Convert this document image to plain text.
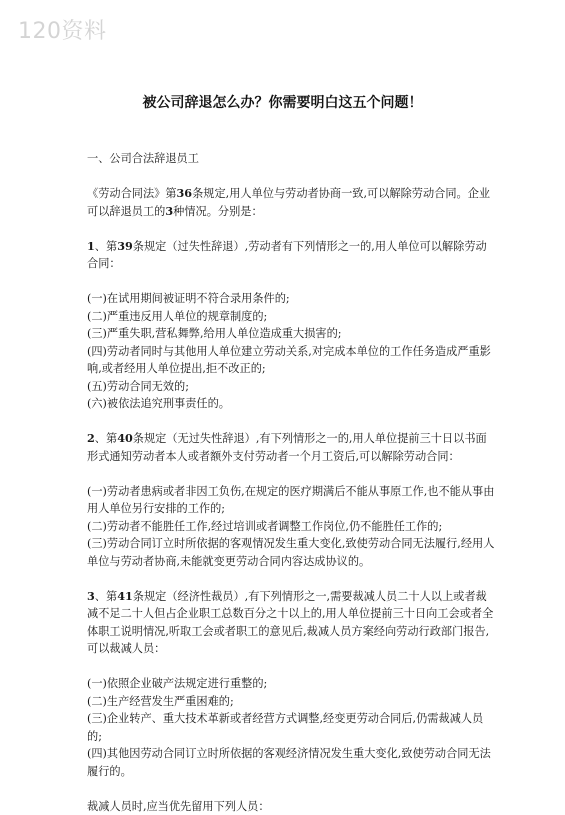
120资料
被公司辞退怎么办？你需要明白这五个问题！

一、公司合法辞退员工

《劳动合同法》第36条规定,用人单位与劳动者协商一致,可以解除劳动合同。企业可以辞退员工的3种情况。分别是：

1、第39条规定（过失性辞退）,劳动者有下列情形之一的,用人单位可以解除劳动合同：

(一)在试用期间被证明不符合录用条件的;

(二)严重违反用人单位的规章制度的;

(三)严重失职,营私舞弊,给用人单位造成重大损害的;

(四)劳动者同时与其他用人单位建立劳动关系,对完成本单位的工作任务造成严重影响,或者经用人单位提出,拒不改正的;

(五)劳动合同无效的;

(六)被依法追究刑事责任的。

2、第40条规定（无过失性辞退）,有下列情形之一的,用人单位提前三十日以书面形式通知劳动者本人或者额外支付劳动者一个月工资后,可以解除劳动合同：

(一)劳动者患病或者非因工负伤,在规定的医疗期满后不能从事原工作,也不能从事由用人单位另行安排的工作的;

(二)劳动者不能胜任工作,经过培训或者调整工作岗位,仍不能胜任工作的;

(三)劳动合同订立时所依据的客观情况发生重大变化,致使劳动合同无法履行,经用人单位与劳动者协商,未能就变更劳动合同内容达成协议的。

3、第41条规定（经济性裁员）,有下列情形之一,需要裁减人员二十人以上或者裁减不足二十人但占企业职工总数百分之十以上的,用人单位提前三十日向工会或者全体职工说明情况,听取工会或者职工的意见后,裁减人员方案经向劳动行政部门报告,可以裁减人员：

(一)依照企业破产法规定进行重整的;

(二)生产经营发生严重困难的;

(三)企业转产、重大技术革新或者经营方式调整,经变更劳动合同后,仍需裁减人员的;

(四)其他因劳动合同订立时所依据的客观经济情况发生重大变化,致使劳动合同无法履行的。

裁减人员时,应当优先留用下列人员：
